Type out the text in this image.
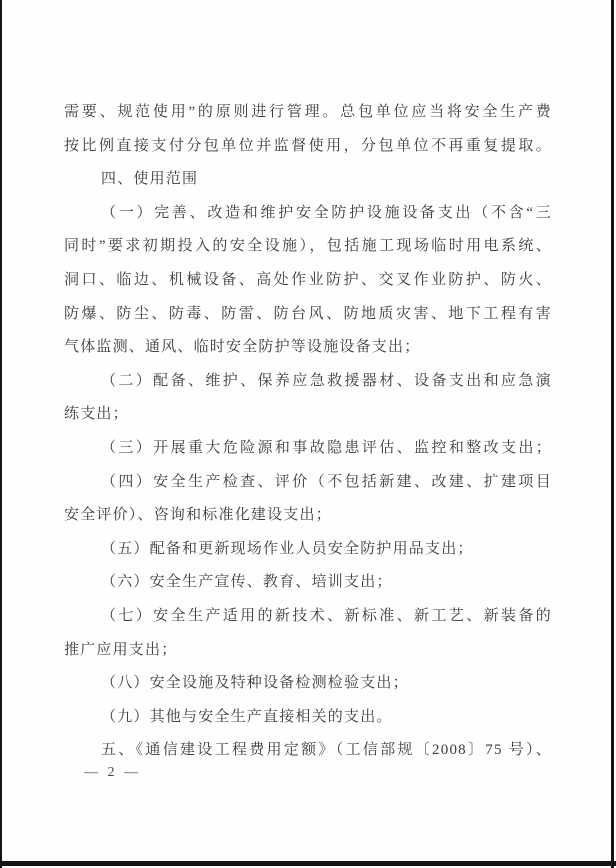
需要、规范使用”的原则进行管理。总包单位应当将安全生产费
按比例直接支付分包单位并监督使用，分包单位不再重复提取。
四、使用范围
（一）完善、改造和维护安全防护设施设备支出（不含“三
同时”要求初期投入的安全设施），包括施工现场临时用电系统、
洞口、临边、机械设备、高处作业防护、交叉作业防护、防火、
防爆、防尘、防毒、防雷、防台风、防地质灾害、地下工程有害
气体监测、通风、临时安全防护等设施设备支出；
（二）配备、维护、保养应急救援器材、设备支出和应急演
练支出；
（三）开展重大危险源和事故隐患评估、监控和整改支出；
（四）安全生产检查、评价（不包括新建、改建、扩建项目
安全评价）、咨询和标准化建设支出；
（五）配备和更新现场作业人员安全防护用品支出；
（六）安全生产宣传、教育、培训支出；
（七）安全生产适用的新技术、新标准、新工艺、新装备的
推广应用支出；
（八）安全设施及特种设备检测检验支出；
（九）其他与安全生产直接相关的支出。
五、《通信建设工程费用定额》（工信部规〔2008〕75 号）、
— 2 —
